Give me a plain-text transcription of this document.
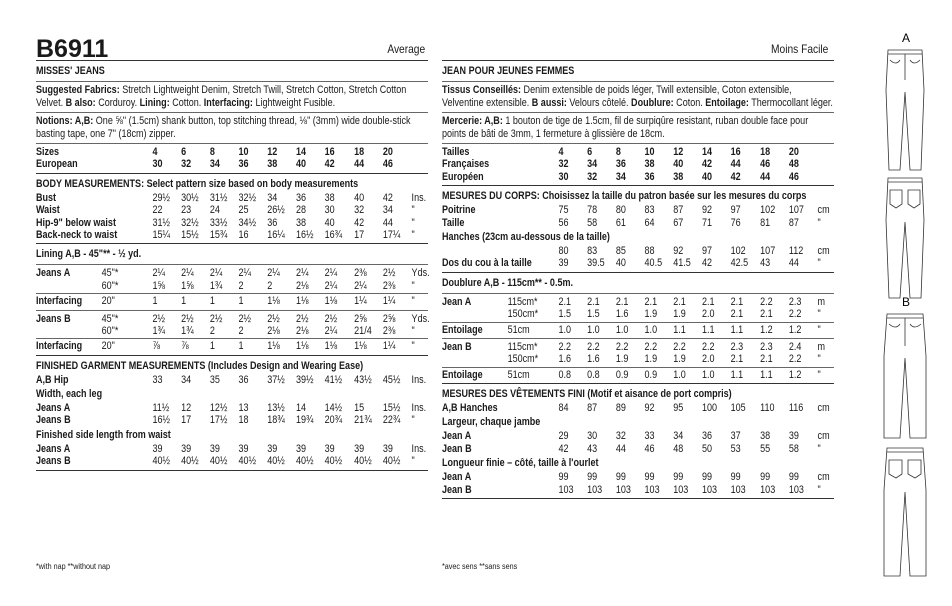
B6911	Average	Moins Facile
MISSES' JEANS
Suggested Fabrics: Stretch Lightweight Denim, Stretch Twill, Stretch Cotton, Stretch Cotton Velvet. B also: Corduroy. Lining: Cotton. Interfacing: Lightweight Fusible.
Notions: A,B: One ⅝" (1.5cm) shank button, top stitching thread, ⅛" (3mm) wide double-stick basting tape, one 7" (18cm) zipper.
Sizes	4 6 8 10 12 14 16 18 20
European	30 32 34 36 38 40 42 44 46
BODY MEASUREMENTS: Select pattern size based on body measurements
Bust	29½ 30½ 31½ 32½ 34 36 38 40 42 Ins.
Waist	22 23 24 25 26½ 28 30 32 34 "
Hip-9" below waist	31½ 32½ 33½ 34½ 36 38 40 42 44 "
Back-neck to waist	15¼ 15½ 15¾ 16 16¼ 16½ 16¾ 17 17¼ "
Lining A,B - 45"** - ½ yd.
Jeans A	45"*	2¼ 2¼ 2¼ 2¼ 2¼ 2¼ 2¼ 2⅜ 2½ Yds.
60"*	1⅝ 1⅝ 1¾ 2 2 2⅛ 2¼ 2¼ 2⅜ "
Interfacing 20"	1 1 1 1 1⅛ 1⅛ 1⅛ 1¼ 1¼ "
Jeans B	45"*	2½ 2½ 2½ 2½ 2½ 2½ 2½ 2⅝ 2⅝ Yds.
60"*	1¾ 1¾ 2 2 2⅛ 2⅛ 2¼ 21/4 2⅜ "
Interfacing 20"	⅞ ⅞ 1 1 1⅛ 1⅛ 1⅛ 1⅛ 1¼ "
FINISHED GARMENT MEASUREMENTS (Includes Design and Wearing Ease)
A,B Hip	33 34 35 36 37½ 39½ 41½ 43½ 45½ Ins.
Width, each leg
Jeans A	11½ 12 12½ 13 13½ 14 14½ 15 15½ Ins.
Jeans B	16½ 17 17½ 18 18¾ 19¾ 20¾ 21¾ 22¾ "
Finished side length from waist
Jeans A	39 39 39 39 39 39 39 39 39 Ins.
Jeans B	40½ 40½ 40½ 40½ 40½ 40½ 40½ 40½ 40½ "
JEAN POUR JEUNES FEMMES
Tissus Conseillés: Denim extensible de poids léger, Twill extensible, Coton extensible, Velventine extensible. B aussi: Velours côtelé. Doublure: Coton. Entoilage: Thermocollant léger.
Mercerie: A,B: 1 bouton de tige de 1.5cm, fil de surpiqûre resistant, ruban double face pour points de bâti de 3mm, 1 fermeture à glissière de 18cm.
Tailles	4 6 8 10 12 14 16 18 20
Françaises	32 34 36 38 40 42 44 46 48
Européen	30 32 34 36 38 40 42 44 46
MESURES DU CORPS: Choisissez la taille du patron basée sur les mesures du corps
Poitrine	75 78 80 83 87 92 97 102 107 cm
Taille	56 58 61 64 67 71 76 81 87 "
Hanches (23cm au-dessous de la taille)
80 83 85 88 92 97 102 107 112 cm
Dos du cou à la taille 39 39.5 40 40.5 41.5 42 42.5 43 44 "
Doublure A,B - 115cm** - 0.5m.
Jean A	115cm* 2.1 2.1 2.1 2.1 2.1 2.1 2.1 2.2 2.3 m
150cm* 1.5 1.5 1.6 1.9 1.9 2.0 2.1 2.1 2.2 "
Entoilage 51cm	1.0 1.0 1.0 1.0 1.1 1.1 1.1 1.2 1.2 "
Jean B	115cm* 2.2 2.2 2.2 2.2 2.2 2.2 2.3 2.3 2.4 m
150cm* 1.6 1.6 1.9 1.9 1.9 2.0 2.1 2.1 2.2 "
Entoilage 51cm	0.8 0.8 0.9 0.9 1.0 1.0 1.1 1.1 1.2 "
MESURES DES VÊTEMENTS FINI (Motif et aisance de port compris)
A,B Hanches	84 87 89 92 95 100 105 110 116 cm
Largeur, chaque jambe
Jean A	29 30 32 33 34 36 37 38 39 cm
Jean B	42 43 44 46 48 50 53 55 58 "
Longueur finie – côté, taille à l'ourlet
Jean A	99 99 99 99 99 99 99 99 99 cm
Jean B	103 103 103 103 103 103 103 103 103 "
*with nap **without nap	*avec sens **sans sens
A
B
